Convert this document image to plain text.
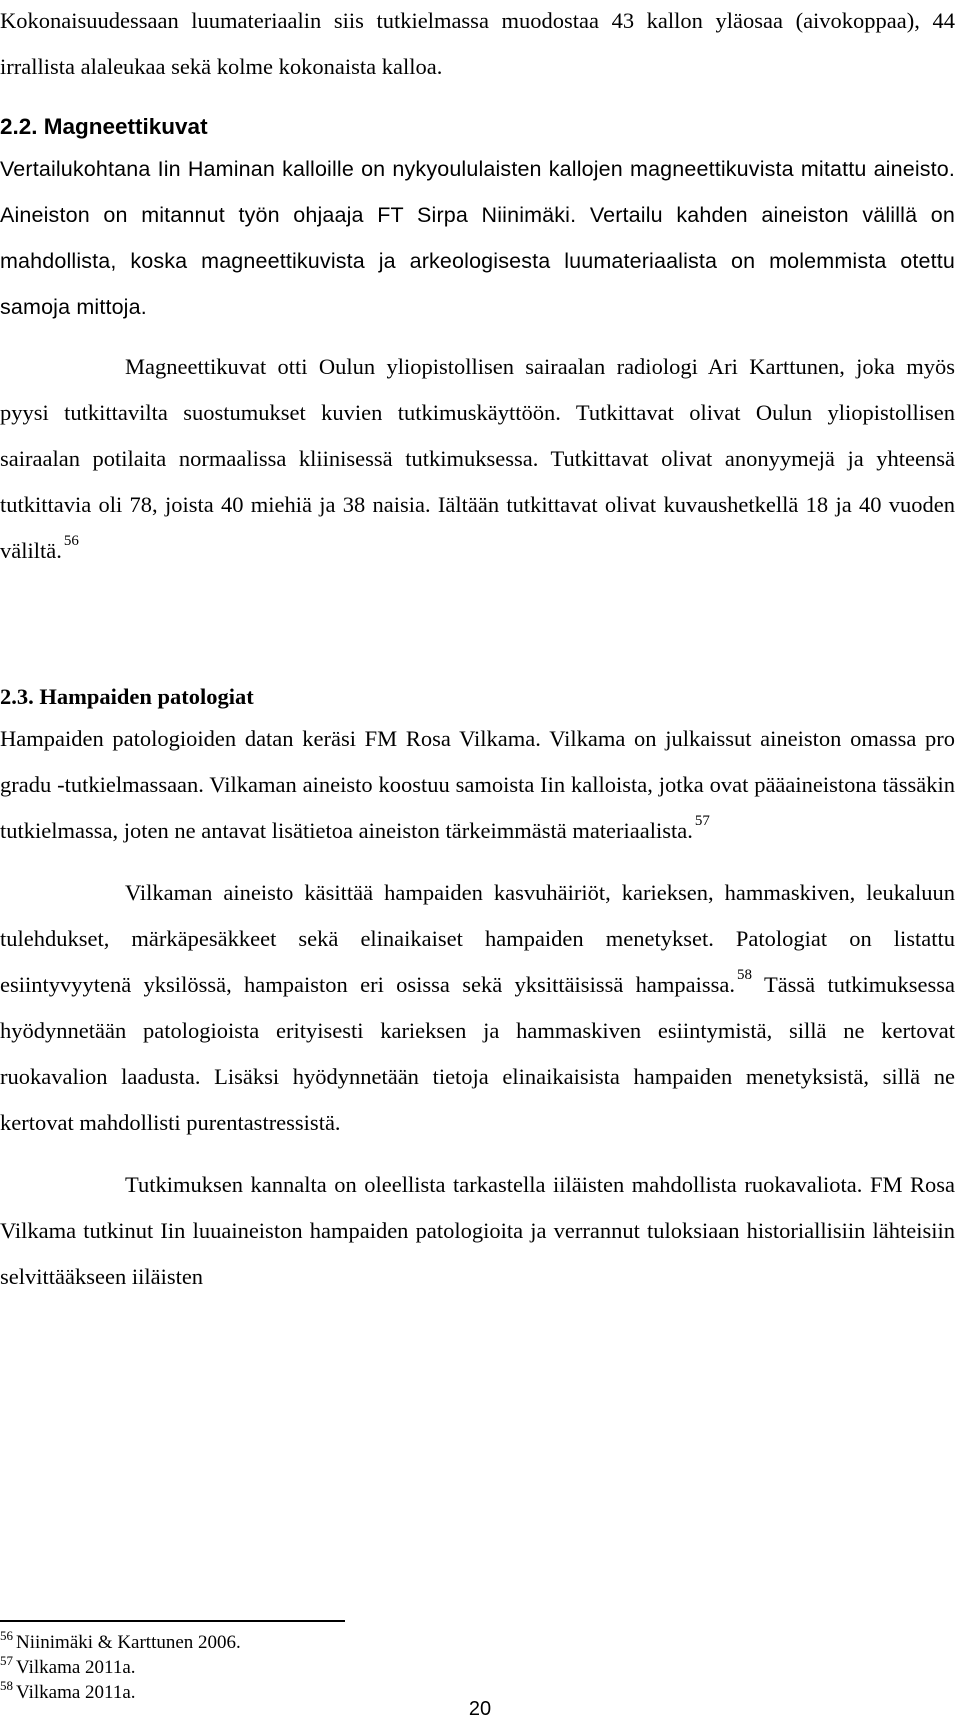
Kokonaisuudessaan luumateriaalin siis tutkielmassa muodostaa 43 kallon yläosaa (aivokoppaa), 44 irrallista alaleukaa sekä kolme kokonaista kalloa.

2.2. Magneettikuvat

Vertailukohtana Iin Haminan kalloille on nykyoululaisten kallojen magneettikuvista mitattu aineisto. Aineiston on mitannut työn ohjaaja FT Sirpa Niinimäki. Vertailu kahden aineiston välillä on mahdollista, koska magneettikuvista ja arkeologisesta luumateriaalista on molemmista otettu samoja mittoja.

Magneettikuvat otti Oulun yliopistollisen sairaalan radiologi Ari Karttunen, joka myös pyysi tutkittavilta suostumukset kuvien tutkimuskäyttöön. Tutkittavat olivat Oulun yliopistollisen sairaalan potilaita normaalissa kliinisessä tutkimuksessa. Tutkittavat olivat anonyymejä ja yhteensä tutkittavia oli 78, joista 40 miehiä ja 38 naisia. Iältään tutkittavat olivat kuvaushetkellä 18 ja 40 vuoden väliltä. $^{56}$

2.3. Hampaiden patologiat

Hampaiden patologioiden datan keräsi FM Rosa Vilkama. Vilkama on julkaissut aineiston omassa pro gradu -tutkielmassaan. Vilkaman aineisto koostuu samoista Iin kalloista, jotka ovat pääaineistona tässäkin tutkielmassa, joten ne antavat lisätietoa aineiston tärkeimmästä materiaalista. $^{57}$

Vilkaman aineisto käsittää hampaiden kasvuhäiriöt, karieksen, hammaskiven, leukaluun tulehdukset, märkäpesäkkeet sekä elinaikaiset hampaiden menetykset. Patologiat on listattu esiintyvyytenä yksilössä, hampaiston eri osissa sekä yksittäisissä hampaissa. $^{58}$ Tässä tutkimuksessa hyödynnetään patologioista erityisesti karieksen ja hammaskiven esiintymistä, sillä ne kertovat ruokavalion laadusta. Lisäksi hyödynnetään tietoja elinaikaisista hampaiden menetyksistä, sillä ne kertovat mahdollisti purentastressistä.

Tutkimuksen kannalta on oleellista tarkastella iiläisten mahdollista ruokavaliota. FM Rosa Vilkama tutkinut Iin luuaineiston hampaiden patologioita ja verrannut tuloksiaan historiallisiin lähteisiin selvittääkseen iiläisten

$^{56}$ Niinimäki & Karttunen 2006.
$^{57}$ Vilkama 2011a.
$^{58}$ Vilkama 2011a.
20
